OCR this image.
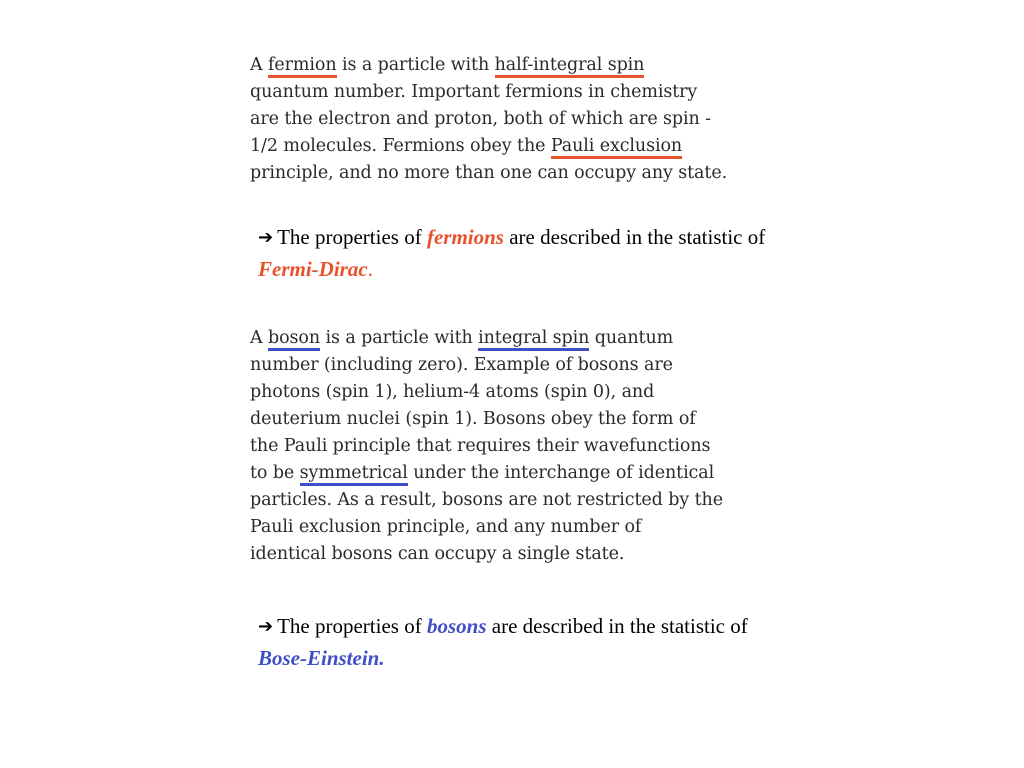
A fermion is a particle with half-integral spin
quantum number. Important fermions in chemistry
are the electron and proton, both of which are spin -
1/2 molecules. Fermions obey the Pauli exclusion
principle, and no more than one can occupy any state.
➔ The properties of fermions are described in the statistic of Fermi-Dirac.
A boson is a particle with integral spin quantum
number (including zero). Example of bosons are
photons (spin 1), helium-4 atoms (spin 0), and
deuterium nuclei (spin 1). Bosons obey the form of
the Pauli principle that requires their wavefunctions
to be symmetrical under the interchange of identical
particles. As a result, bosons are not restricted by the
Pauli exclusion principle, and any number of
identical bosons can occupy a single state.
➔ The properties of bosons are described in the statistic of Bose-Einstein.
